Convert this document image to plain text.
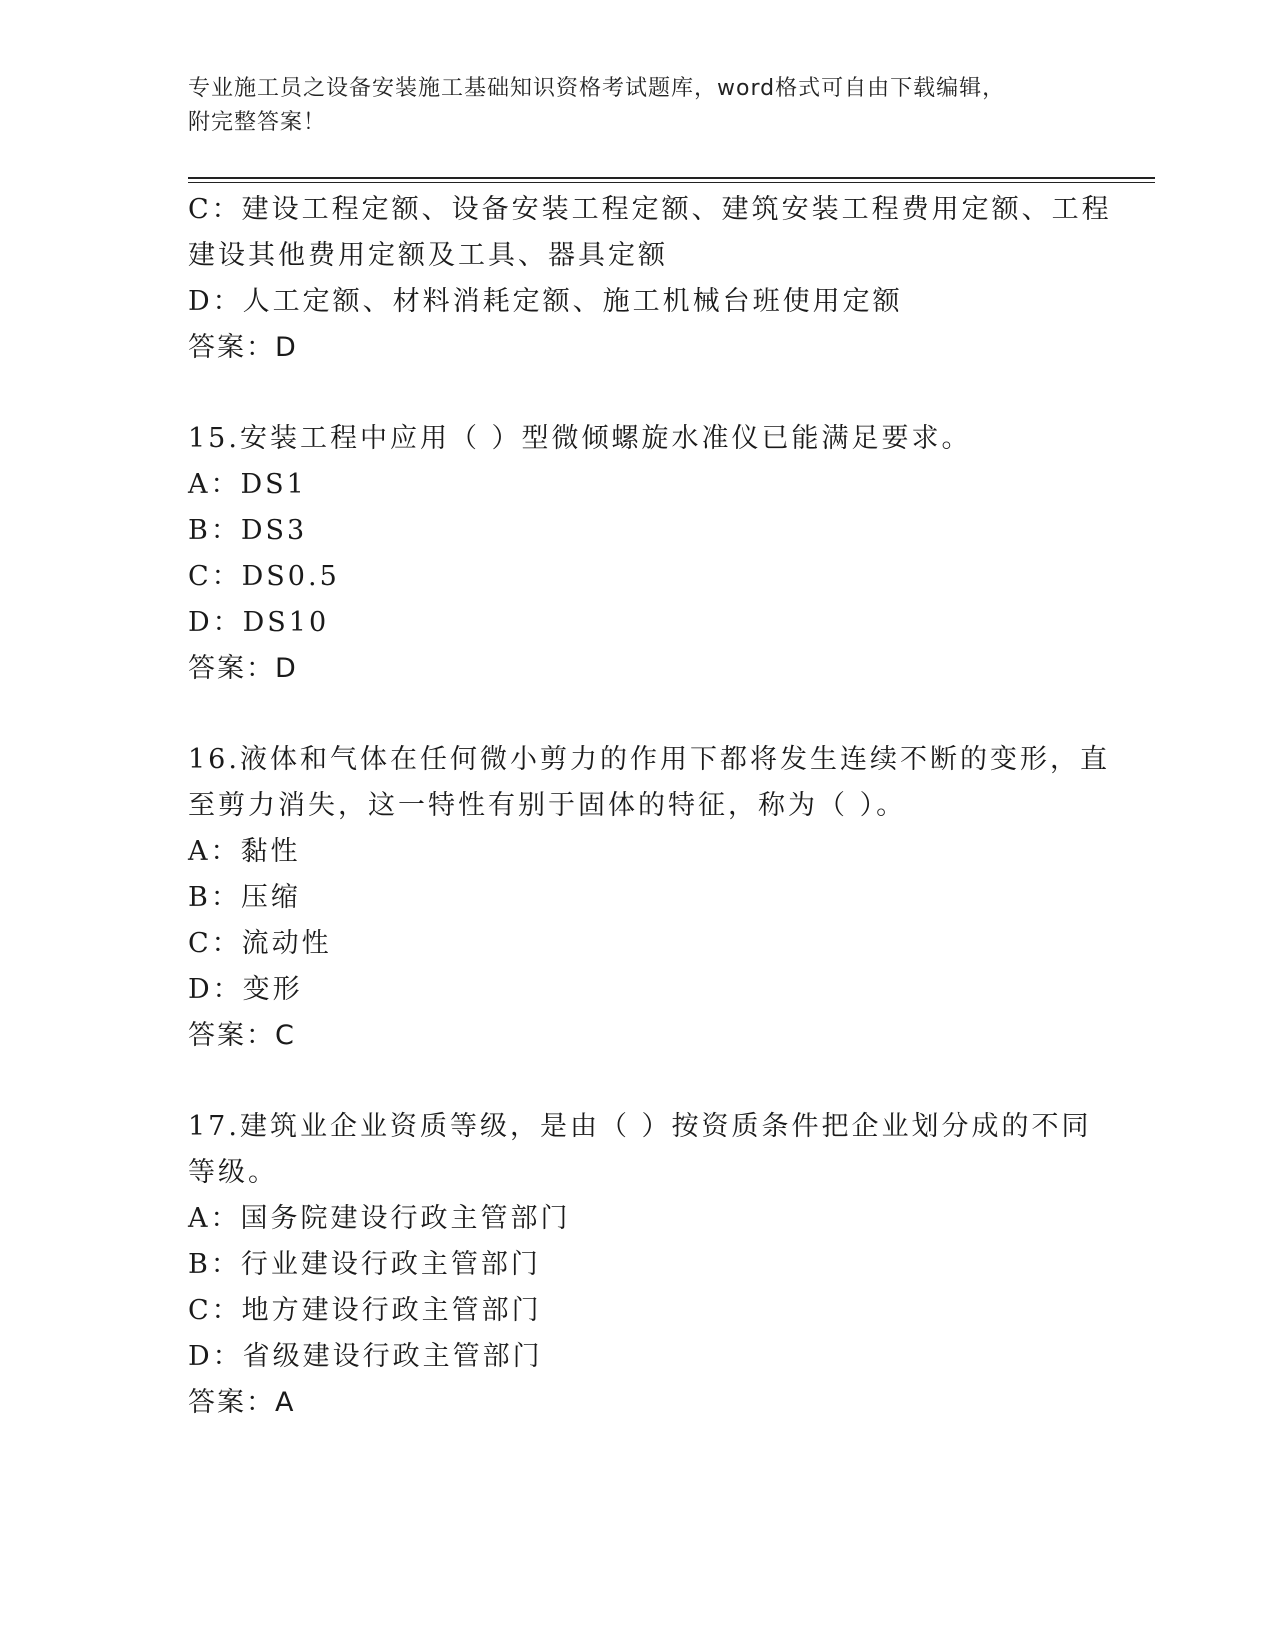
专业施工员之设备安装施工基础知识资格考试题库，word格式可自由下载编辑，
附完整答案！
C：建设工程定额、设备安装工程定额、建筑安装工程费用定额、工程
建设其他费用定额及工具、器具定额
D：人工定额、材料消耗定额、施工机械台班使用定额
答案：D
15.安装工程中应用（ ）型微倾螺旋水准仪已能满足要求。
A：DS1
B：DS3
C：DS0.5
D：DS10
答案：D
16.液体和气体在任何微小剪力的作用下都将发生连续不断的变形，直
至剪力消失，这一特性有别于固体的特征，称为（ ）。
A：黏性
B：压缩
C：流动性
D：变形
答案：C
17.建筑业企业资质等级，是由（ ）按资质条件把企业划分成的不同
等级。
A：国务院建设行政主管部门
B：行业建设行政主管部门
C：地方建设行政主管部门
D：省级建设行政主管部门
答案：A
